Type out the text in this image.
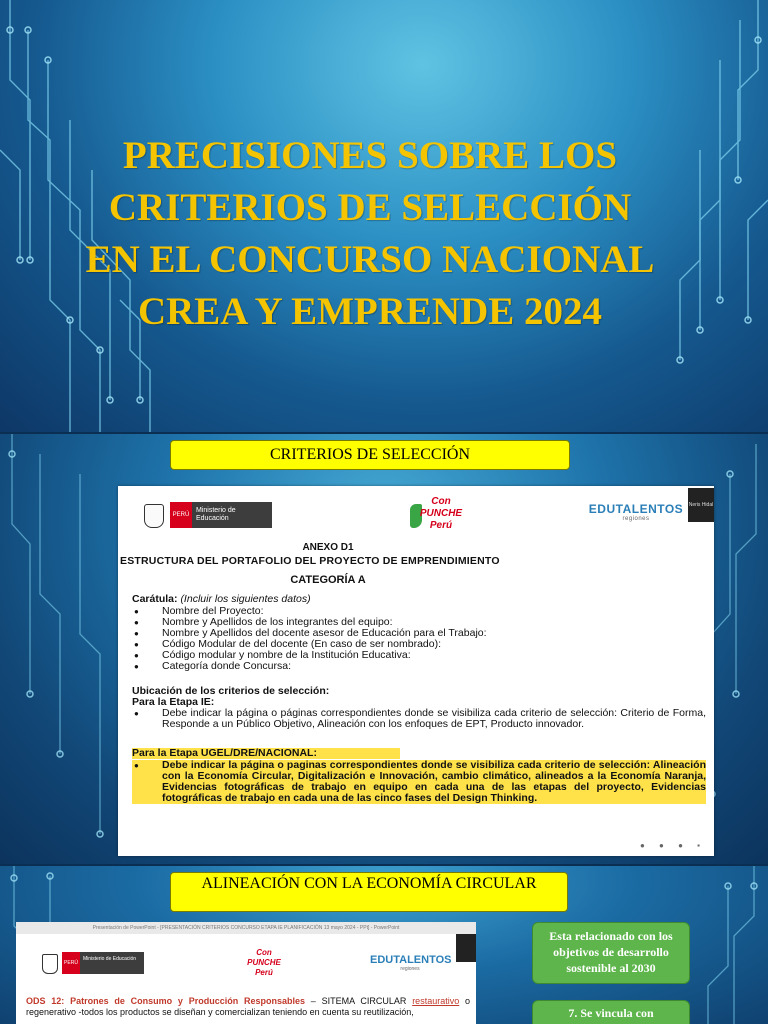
PRECISIONES SOBRE LOS CRITERIOS DE SELECCIÓN EN EL CONCURSO NACIONAL CREA Y EMPRENDE 2024
CRITERIOS DE SELECCIÓN
PERÚ
Ministerio de Educación
Con PUNCHE Perú
EDUTALENTOS
regiones
Neris Hidal
ANEXO D1
ESTRUCTURA DEL PORTAFOLIO DEL PROYECTO DE EMPRENDIMIENTO
CATEGORÍA A
Carátula: (Incluir los siguientes datos)
● Nombre del Proyecto:
● Nombre y Apellidos de los integrantes del equipo:
● Nombre y Apellidos del docente asesor de Educación para el Trabajo:
● Código Modular de del docente (En caso de ser nombrado):
● Código modular y nombre de la Institución Educativa:
● Categoría donde Concursa:
Ubicación de los criterios de selección:
Para la Etapa IE:
● Debe indicar la página o páginas correspondientes donde se visibiliza cada criterio de selección: Criterio de Forma, Responde a un Público Objetivo, Alineación con los enfoques de EPT, Producto innovador.
Para la Etapa UGEL/DRE/NACIONAL:
● Debe indicar la página o paginas correspondientes donde se visibiliza cada criterio de selección: Alineación con la Economía Circular, Digitalización e Innovación, cambio climático, alineados a la Economía Naranja, Evidencias fotográficas de trabajo en equipo en cada una de las etapas del proyecto, Evidencias fotográficas de trabajo en cada una de las cinco fases del Design Thinking.
● ● ● ▪
ALINEACIÓN CON LA ECONOMÍA CIRCULAR
Presentación de PowerPoint - [PRESENTACIÓN CRITERIOS CONCURSO ETAPA IE PLANIFICACIÓN 13 mayo 2024 - PPt] - PowerPoint
PERÚ
Ministerio de Educación
Con PUNCHE Perú
EDUTALENTOS
regiones
ODS 12: Patrones de Consumo y Producción Responsables – SITEMA CIRCULAR restaurativo o regenerativo -todos los productos se diseñan y comercializan teniendo en cuenta su reutilización,
Esta relacionado con los objetivos de desarrollo sostenible al 2030
7. Se vincula con
